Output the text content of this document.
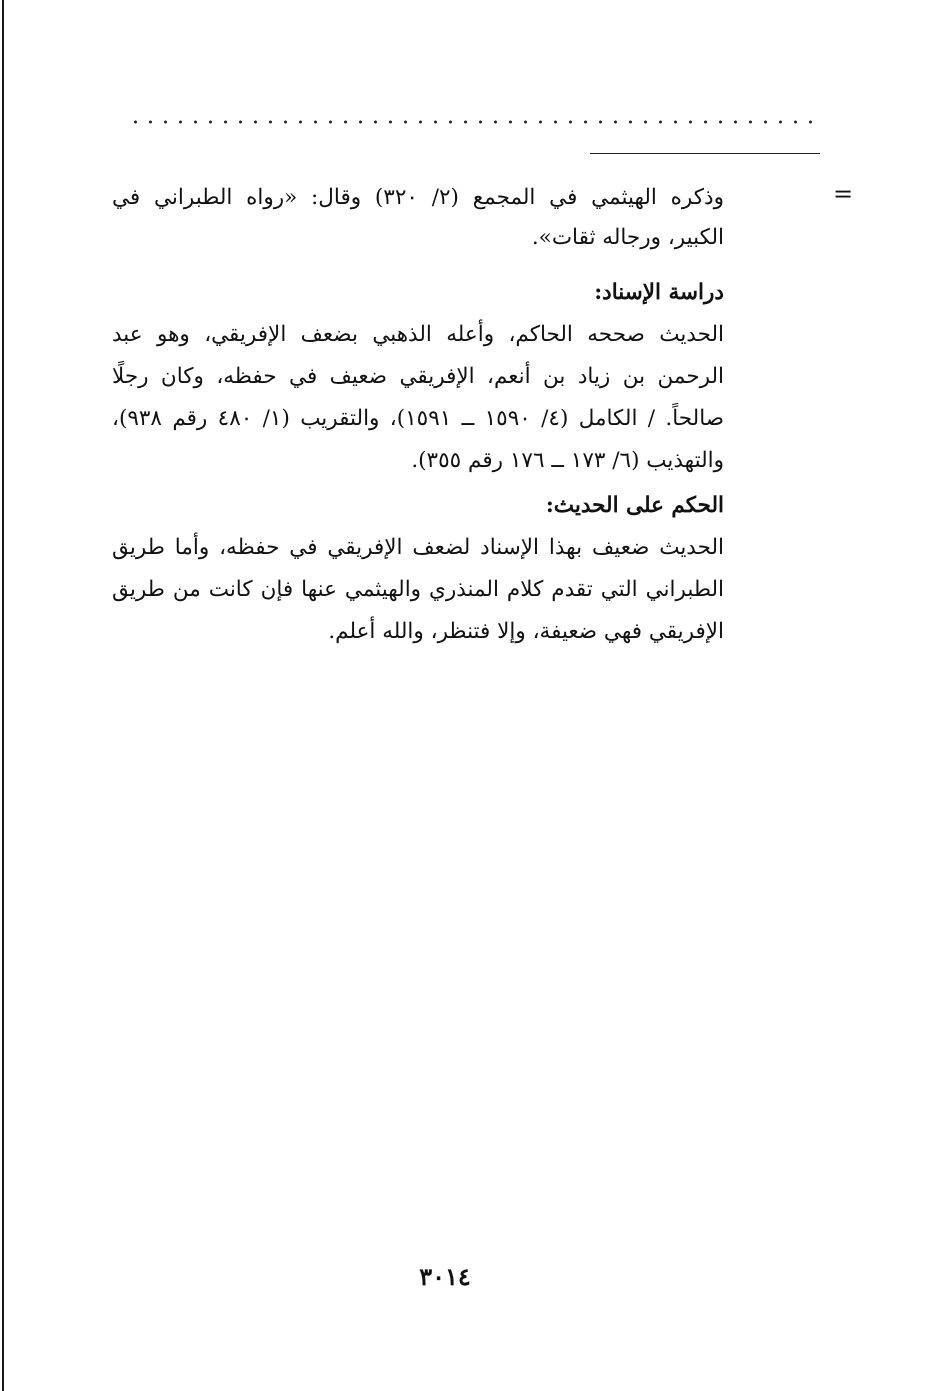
=

وذكره الهيثمي في المجمع (٢/ ٣٢٠) وقال: «رواه الطبراني في الكبير، ورجاله ثقات».

دراسة الإسناد:

الحديث صححه الحاكم، وأعله الذهبي بضعف الإفريقي، وهو عبد الرحمن بن زياد بن أنعم، الإفريقي ضعيف في حفظه، وكان رجلًا صالحاً. / الكامل (٤/ ١٥٩٠ ــ ١٥٩١)، والتقريب (١/ ٤٨٠ رقم ٩٣٨)، والتهذيب (٦/ ١٧٣ ــ ١٧٦ رقم ٣٥٥).

الحكم على الحديث:

الحديث ضعيف بهذا الإسناد لضعف الإفريقي في حفظه، وأما طريق الطبراني التي تقدم كلام المنذري والهيثمي عنها فإن كانت من طريق الإفريقي فهي ضعيفة، وإلا فتنظر، والله أعلم.

٣٠١٤
